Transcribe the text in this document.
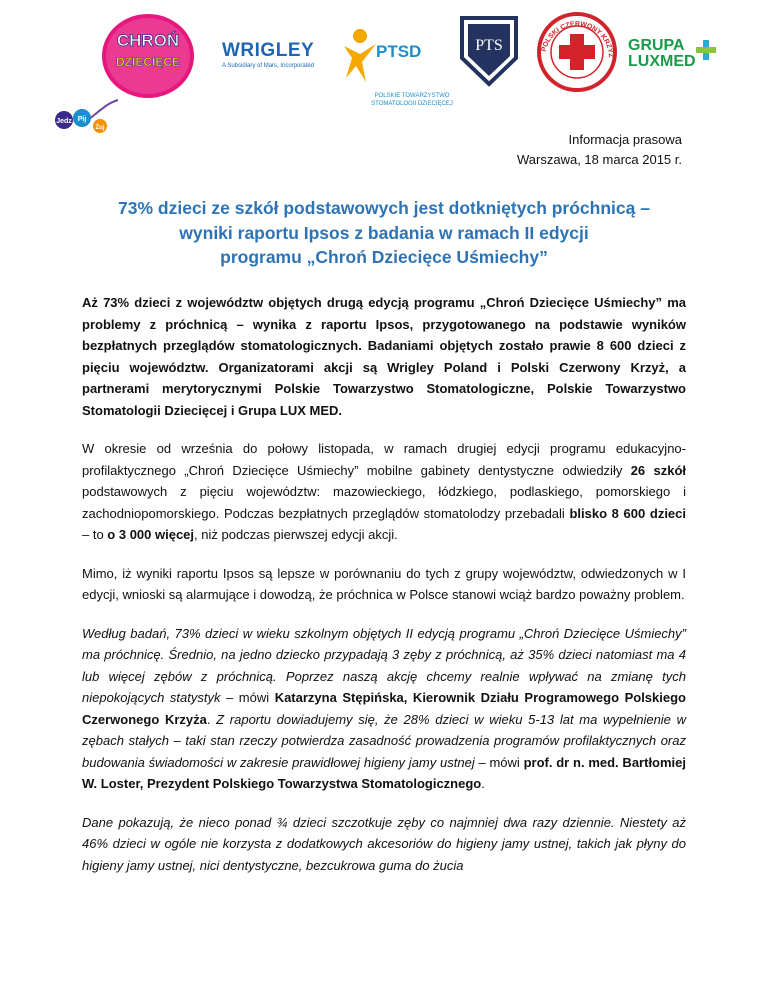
CHROŃ
DZIECIĘCE
Jedz Pij
Żuj
WRIGLEY
A Subsidiary of Mars, Incorporated
PTSD
POLSKIE TOWARZYSTWO
STOMATOLOGII DZIECIĘCEJ
PTS	POLSKI CZERWONY KRZYŻ
GRUPA
LUXMED
Informacja prasowa
Warszawa, 18 marca 2015 r.
73% dzieci ze szkół podstawowych jest dotkniętych próchnicą –
wyniki raportu Ipsos z badania w ramach II edycji
programu „Chroń Dziecięce Uśmiechy”

Aż 73% dzieci z województw objętych drugą edycją programu „Chroń Dziecięce Uśmiechy” ma problemy z próchnicą – wynika z raportu Ipsos, przygotowanego na podstawie wyników bezpłatnych przeglądów stomatologicznych. Badaniami objętych zostało prawie 8 600 dzieci z pięciu województw. Organizatorami akcji są Wrigley Poland i Polski Czerwony Krzyż, a partnerami merytorycznymi Polskie Towarzystwo Stomatologiczne, Polskie Towarzystwo Stomatologii Dziecięcej i Grupa LUX MED.

W okresie od września do połowy listopada, w ramach drugiej edycji programu edukacyjno-profilaktycznego „Chroń Dziecięce Uśmiechy” mobilne gabinety dentystyczne odwiedziły 26 szkół podstawowych z pięciu województw: mazowieckiego, łódzkiego, podlaskiego, pomorskiego i zachodniopomorskiego. Podczas bezpłatnych przeglądów stomatolodzy przebadali blisko 8 600 dzieci – to o 3 000 więcej, niż podczas pierwszej edycji akcji.

Mimo, iż wyniki raportu Ipsos są lepsze w porównaniu do tych z grupy województw, odwiedzonych w I edycji, wnioski są alarmujące i dowodzą, że próchnica w Polsce stanowi wciąż bardzo poważny problem.

Według badań, 73% dzieci w wieku szkolnym objętych II edycją programu „Chroń Dziecięce Uśmiechy” ma próchnicę. Średnio, na jedno dziecko przypadają 3 zęby z próchnicą, aż 35% dzieci natomiast ma 4 lub więcej zębów z próchnicą. Poprzez naszą akcję chcemy realnie wpływać na zmianę tych niepokojących statystyk – mówi Katarzyna Stępińska, Kierownik Działu Programowego Polskiego Czerwonego Krzyża. Z raportu dowiadujemy się, że 28% dzieci w wieku 5-13 lat ma wypełnienie w zębach stałych – taki stan rzeczy potwierdza zasadność prowadzenia programów profilaktycznych oraz budowania świadomości w zakresie prawidłowej higieny jamy ustnej – mówi prof. dr n. med. Bartłomiej W. Loster, Prezydent Polskiego Towarzystwa Stomatologicznego.

Dane pokazują, że nieco ponad ¾ dzieci szczotkuje zęby co najmniej dwa razy dziennie. Niestety aż 46% dzieci w ogóle nie korzysta z dodatkowych akcesoriów do higieny jamy ustnej, takich jak płyny do higieny jamy ustnej, nici dentystyczne, bezcukrowa guma do żucia
